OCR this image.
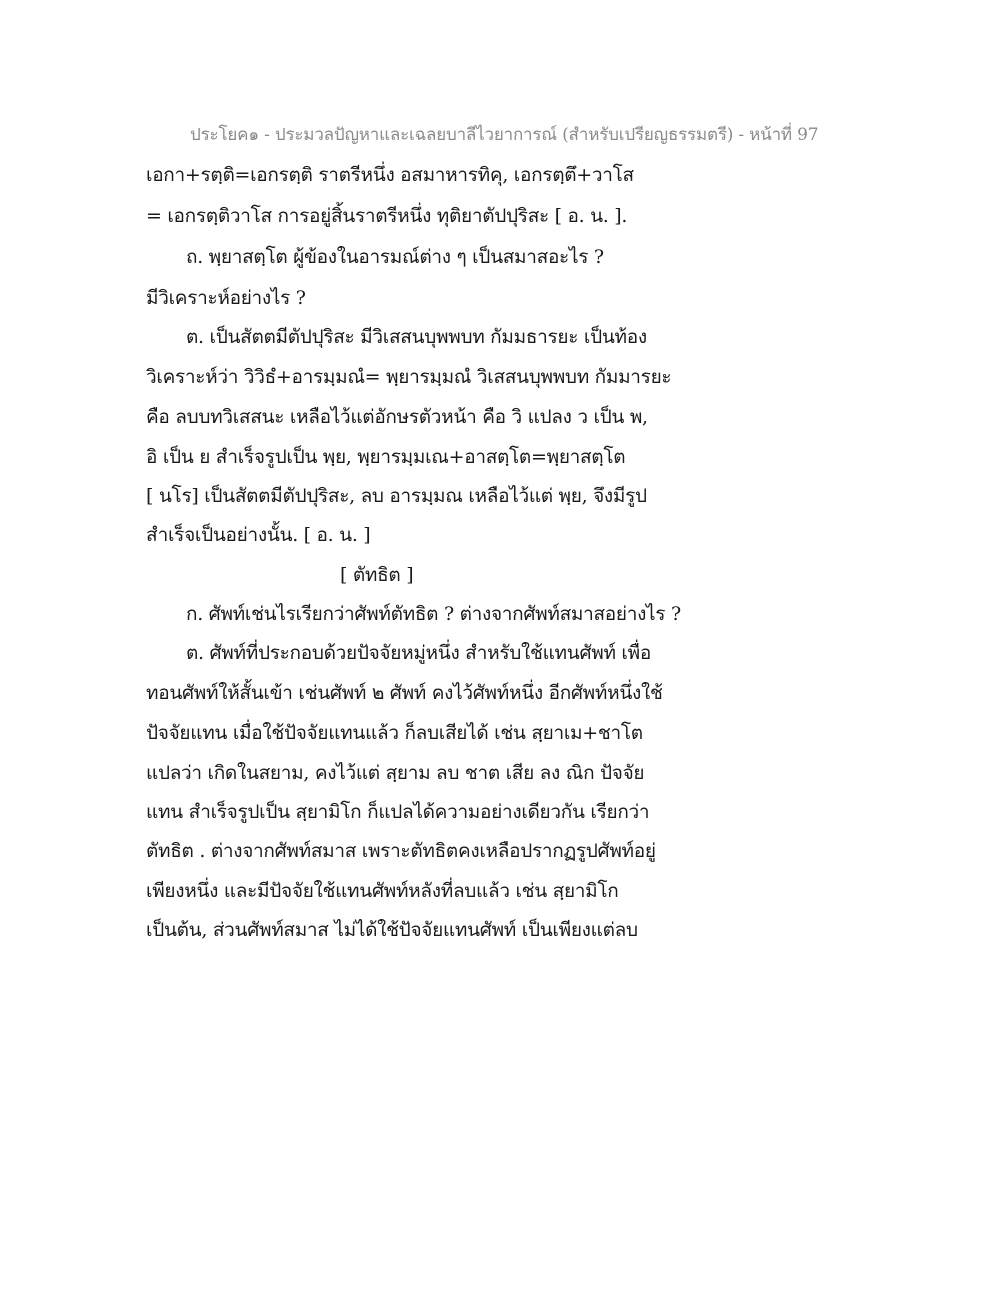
ประโยค๑ - ประมวลปัญหาและเฉลยบาลีไวยาการณ์ (สำหรับเปรียญธรรมตรี) - หน้าที่ 97
เอกา+รตฺติ=เอกรตฺติ ราตรีหนึ่ง อสมาหารทิคุ, เอกรตฺตึ+วาโส
= เอกรตฺติวาโส การอยู่สิ้นราตรีหนึ่ง ทุติยาตัปปุริสะ [ อ. น. ].
ถ. พฺยาสตฺโต ผู้ข้องในอารมณ์ต่าง ๆ เป็นสมาสอะไร ?
มีวิเคราะห์อย่างไร ?
ต. เป็นสัตตมีตัปปุริสะ มีวิเสสนบุพพบท กัมมธารยะ เป็นท้อง
วิเคราะห์ว่า วิวิธํ+อารมฺมณํ= พฺยารมฺมณํ วิเสสนบุพพบท กัมมารยะ
คือ ลบบทวิเสสนะ เหลือไว้แต่อักษรตัวหน้า คือ วิ แปลง ว เป็น พ,
อิ เป็น ย สำเร็จรูปเป็น พฺย, พฺยารมฺมเณ+อาสตฺโต=พฺยาสตฺโต
[ นโร] เป็นสัตตมีตัปปุริสะ, ลบ อารมฺมณ เหลือไว้แต่ พฺย, จึงมีรูป
สำเร็จเป็นอย่างนั้น. [ อ. น. ]
[ ตัทธิต ]
ก. ศัพท์เช่นไรเรียกว่าศัพท์ตัทธิต ? ต่างจากศัพท์สมาสอย่างไร ?
ต. ศัพท์ที่ประกอบด้วยปัจจัยหมู่หนึ่ง สำหรับใช้แทนศัพท์ เพื่อ
ทอนศัพท์ให้สั้นเข้า เช่นศัพท์ ๒ ศัพท์ คงไว้ศัพท์หนึ่ง อีกศัพท์หนึ่งใช้
ปัจจัยแทน เมื่อใช้ปัจจัยแทนแล้ว ก็ลบเสียได้ เช่น สฺยาเม+ชาโต
แปลว่า เกิดในสยาม, คงไว้แต่ สฺยาม ลบ ชาต เสีย ลง ณิก ปัจจัย
แทน สำเร็จรูปเป็น สฺยามิโก ก็แปลได้ความอย่างเดียวกัน เรียกว่า
ตัทธิต . ต่างจากศัพท์สมาส เพราะตัทธิตคงเหลือปรากฏรูปศัพท์อยู่
เพียงหนึ่ง และมีปัจจัยใช้แทนศัพท์หลังที่ลบแล้ว เช่น สฺยามิโก
เป็นต้น, ส่วนศัพท์สมาส ไม่ได้ใช้ปัจจัยแทนศัพท์ เป็นเพียงแต่ลบ
